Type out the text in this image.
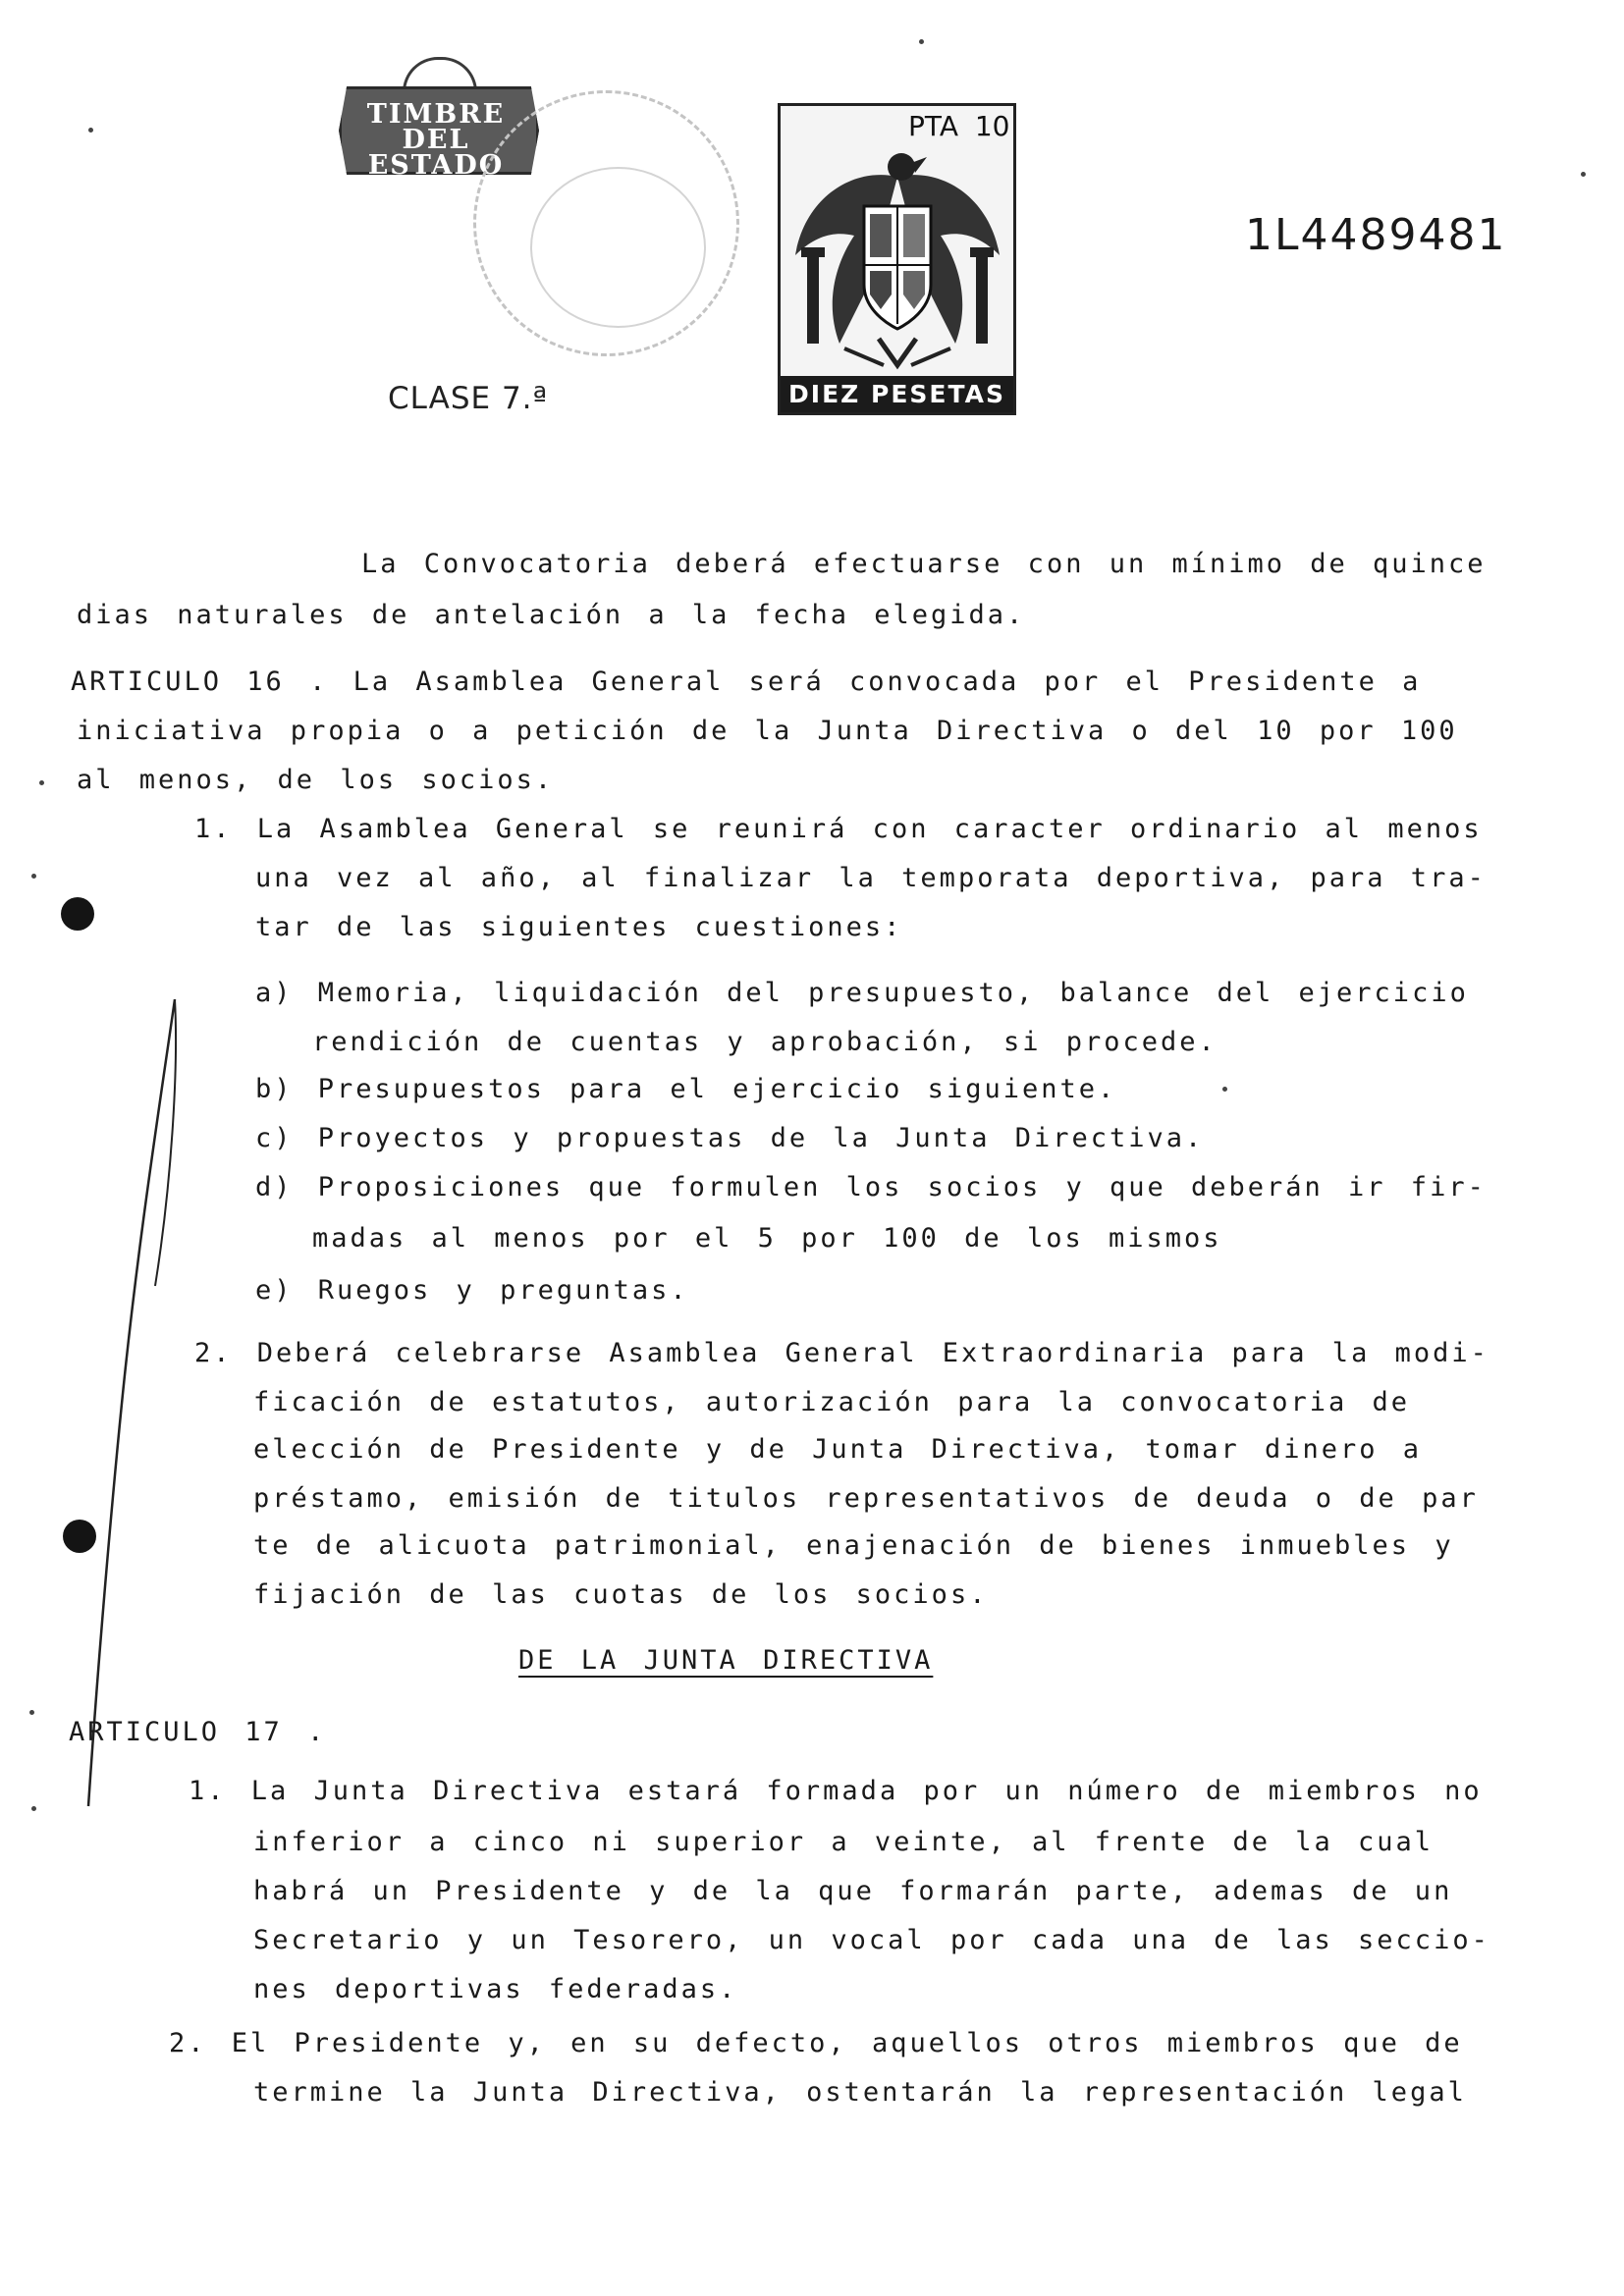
TIMBRE
DEL ESTADO
CLASE 7.ª
PTA 10
DIEZ PESETAS
1L4489481
La Convocatoria deberá efectuarse con un mínimo de quince
dias naturales de antelación a la fecha elegida.
ARTICULO 16 . La Asamblea General será convocada por el Presidente a
iniciativa propia o a petición de la Junta Directiva o del 10 por 100
al menos, de los socios.
1. La Asamblea General se reunirá con caracter ordinario al menos
una vez al año, al finalizar la temporata deportiva, para tra-
tar de las siguientes cuestiones:
a) Memoria, liquidación del presupuesto, balance del ejercicio
rendición de cuentas y aprobación, si procede.
b) Presupuestos para el ejercicio siguiente.
c) Proyectos y propuestas de la Junta Directiva.
d) Proposiciones que formulen los socios y que deberán ir fir-
madas al menos por el 5 por 100 de los mismos
e) Ruegos y preguntas.
2. Deberá celebrarse Asamblea General Extraordinaria para la modi-
ficación de estatutos, autorización para la convocatoria de
elección de Presidente y de Junta Directiva, tomar dinero a
préstamo, emisión de titulos representativos de deuda o de par
te de alicuota patrimonial, enajenación de bienes inmuebles y
fijación de las cuotas de los socios.
DE LA JUNTA DIRECTIVA
ARTICULO 17 .
1. La Junta Directiva estará formada por un número de miembros no
inferior a cinco ni superior a veinte, al frente de la cual
habrá un Presidente y de la que formarán parte, ademas de un
Secretario y un Tesorero, un vocal por cada una de las seccio-
nes deportivas federadas.
2. El Presidente y, en su defecto, aquellos otros miembros que de
termine la Junta Directiva, ostentarán la representación legal
